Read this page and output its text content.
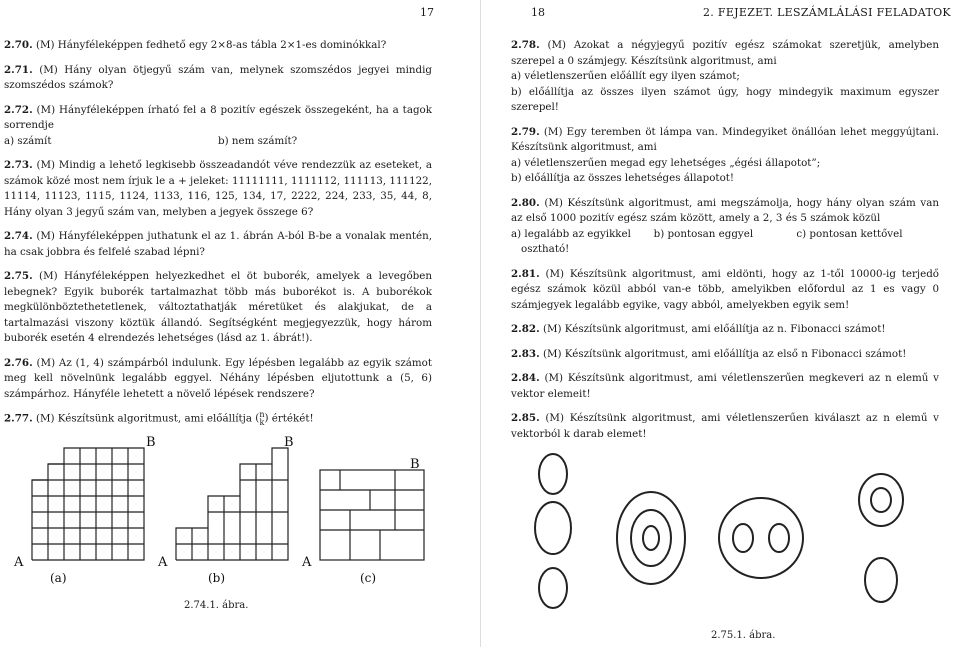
17
2.70. (M) Hányféleképpen fedhető egy 2×8-as tábla 2×1-es dominókkal?
2.71. (M) Hány olyan ötjegyű szám van, melynek szomszédos jegyei mindig szomszédos számok?
2.72. (M) Hányféleképpen írható fel a 8 pozitív egészek összegeként, ha a tagok sorrendje
a) számít	b) nem számít?
2.73. (M) Mindig a lehető legkisebb összeadandót véve rendezzük az eseteket, a számok közé most nem írjuk le a + jeleket: 11111111, 1111112, 111113, 111122, 11114, 11123, 1115, 1124, 1133, 116, 125, 134, 17, 2222, 224, 233, 35, 44, 8, Hány olyan 3 jegyű szám van, melyben a jegyek összege 6?
2.74. (M) Hányféleképpen juthatunk el az 1. ábrán A-ból B-be a vonalak mentén, ha csak jobbra és felfelé szabad lépni?
2.75. (M) Hányféleképpen helyezkedhet el öt buborék, amelyek a levegőben lebegnek? Egyik buborék tartalmazhat több más buborékot is. A buborékok megkülönböztethetetlenek, változtathatják méretüket és alakjukat, de a tartalmazási viszony köztük állandó. Segítségként megjegyezzük, hogy három buborék esetén 4 elrendezés lehetséges (lásd az 1. ábrát!).
2.76. (M) Az (1, 4) számpárból indulunk. Egy lépésben legalább az egyik számot meg kell növelnünk legalább eggyel. Néhány lépésben eljutottunk a (5, 6) számpárhoz. Hányféle lehetett a növelő lépések rendszere?
2.77. (M) Készítsünk algoritmust, ami előállítja ( n
k ) értékét!
B
A
B
A
B
A
(a)	(b)	(c)
2.74.1. ábra.
18	2. FEJEZET. LESZÁMLÁLÁSI FELADATOK
2.78. (M) Azokat a négyjegyű pozitív egész számokat szeretjük, amelyben szerepel a 0 számjegy. Készítsünk algoritmust, ami
a) véletlenszerűen előállít egy ilyen számot;
b) előállítja az összes ilyen számot úgy, hogy mindegyik maximum egyszer szerepel!
2.79. (M) Egy teremben öt lámpa van. Mindegyiket önállóan lehet meggyújtani. Készítsünk algoritmust, ami
a) véletlenszerűen megad egy lehetséges „égési állapotot”;
b) előállítja az összes lehetséges állapotot!
2.80. (M) Készítsünk algoritmust, ami megszámolja, hogy hány olyan szám van az első 1000 pozitív egész szám között, amely a 2, 3 és 5 számok közül
a) legalább az egyikkel	b) pontosan eggyel	c) pontosan kettővel
osztható!
2.81. (M) Készítsünk algoritmust, ami eldönti, hogy az 1-től 10000-ig terjedő egész számok közül abból van-e több, amelyikben előfordul az 1 es vagy 0 számjegyek legalább egyike, vagy abból, amelyekben egyik sem!
2.82. (M) Készítsünk algoritmust, ami előállítja az n. Fibonacci számot!
2.83. (M) Készítsünk algoritmust, ami előállítja az első n Fibonacci számot!
2.84. (M) Készítsünk algoritmust, ami véletlenszerűen megkeveri az n elemű v vektor elemeit!
2.85. (M) Készítsünk algoritmust, ami véletlenszerűen kiválaszt az n elemű v vektorból k darab elemet!
2.75.1. ábra.
